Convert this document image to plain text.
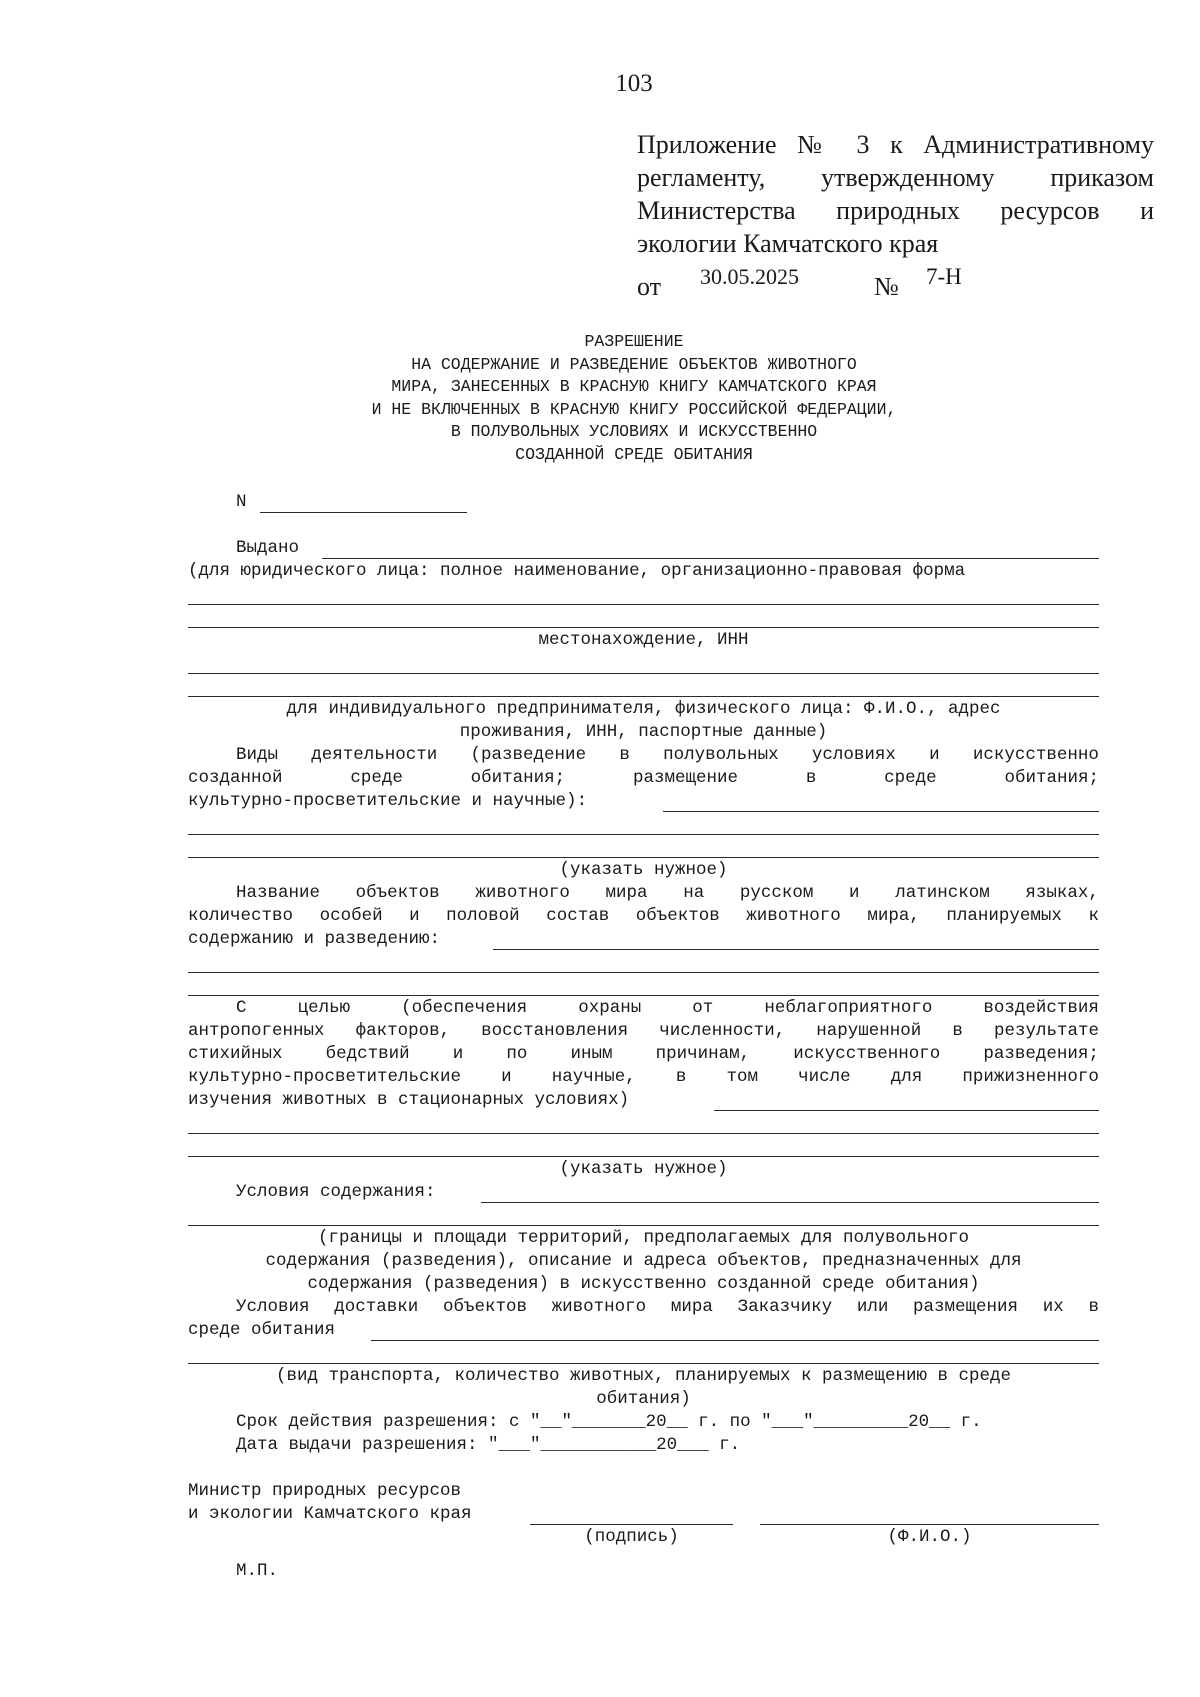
103
Приложение № 3 к Административному
регламенту, утвержденному приказом
Министерства природных ресурсов и
экологии Камчатского края
от 30.05.2025	№ 7-Н
РАЗРЕШЕНИЕ
НА СОДЕРЖАНИЕ И РАЗВЕДЕНИЕ ОБЪЕКТОВ ЖИВОТНОГО
МИРА, ЗАНЕСЕННЫХ В КРАСНУЮ КНИГУ КАМЧАТСКОГО КРАЯ
И НЕ ВКЛЮЧЕННЫХ В КРАСНУЮ КНИГУ РОССИЙСКОЙ ФЕДЕРАЦИИ,
В ПОЛУВОЛЬНЫХ УСЛОВИЯХ И ИСКУССТВЕННО
СОЗДАННОЙ СРЕДЕ ОБИТАНИЯ
N
Выдано
(для юридического лица: полное наименование, организационно-правовая форма
местонахождение, ИНН
для индивидуального предпринимателя, физического лица: Ф.И.О., адрес
проживания, ИНН, паспортные данные)
Виды деятельности (разведение в полувольных условиях и искусственно
созданной	среде	обитания;	размещение	в	среде	обитания;
культурно-просветительские и научные):
(указать нужное)
Название объектов животного мира на русском и латинском языках,
количество особей и половой состав объектов животного мира, планируемых к
содержанию и разведению:
С	целью	(обеспечения	охраны	от	неблагоприятного	воздействия
антропогенных факторов, восстановления численности, нарушенной в результате
стихийных бедствий и по иным причинам, искусственного разведения;
культурно-просветительские и научные, в том числе для прижизненного
изучения животных в стационарных условиях)
(указать нужное)
Условия содержания:
(границы и площади территорий, предполагаемых для полувольного
содержания (разведения), описание и адреса объектов, предназначенных для
содержания (разведения) в искусственно созданной среде обитания)
Условия доставки объектов животного мира Заказчику или размещения их в
среде обитания
(вид транспорта, количество животных, планируемых к размещению в среде
обитания)
Срок действия разрешения: с "__"_______20__ г. по "___"_________20__ г.
Дата выдачи разрешения: "___"___________20___ г.
Министр природных ресурсов
и экологии Камчатского края
(подпись)	(Ф.И.О.)
М.П.
